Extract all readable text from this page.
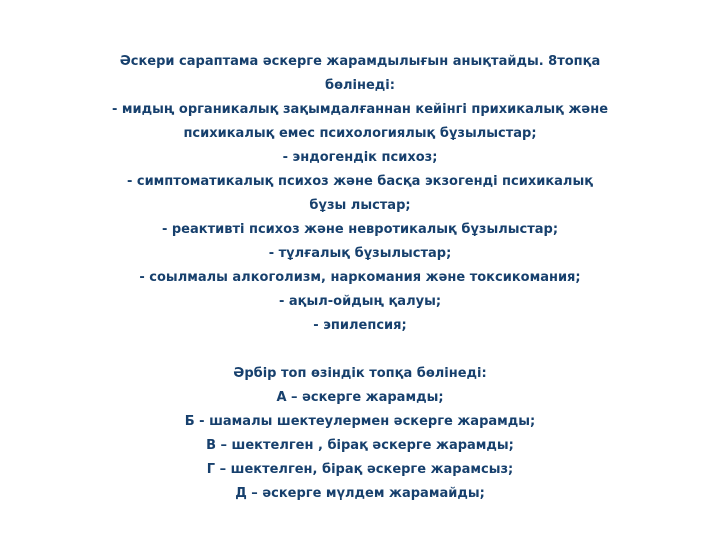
Әскери сараптама әскерге жарамдылығын анықтайды. 8топқа
бөлінеді:
- мидың органикалық зақымдалғаннан кейінгі прихикалық және
психикалық емес психологиялық бұзылыстар;
- эндогендік психоз;
- симптоматикалық психоз және басқа экзогенді психикалық
бұзы лыстар;
- реактивті психоз және невротикалық бұзылыстар;
- тұлғалық бұзылыстар;
- соылмалы алкоголизм, наркомания және токсикомания;
- ақыл-ойдың қалуы;
- эпилепсия;
Әрбір топ өзіндік топқа бөлінеді:
А – әскерге жарамды;
Б - шамалы шектеулермен әскерге жарамды;
В – шектелген , бірақ әскерге жарамды;
Г – шектелген, бірақ әскерге жарамсыз;
Д – әскерге мүлдем жарамайды;
